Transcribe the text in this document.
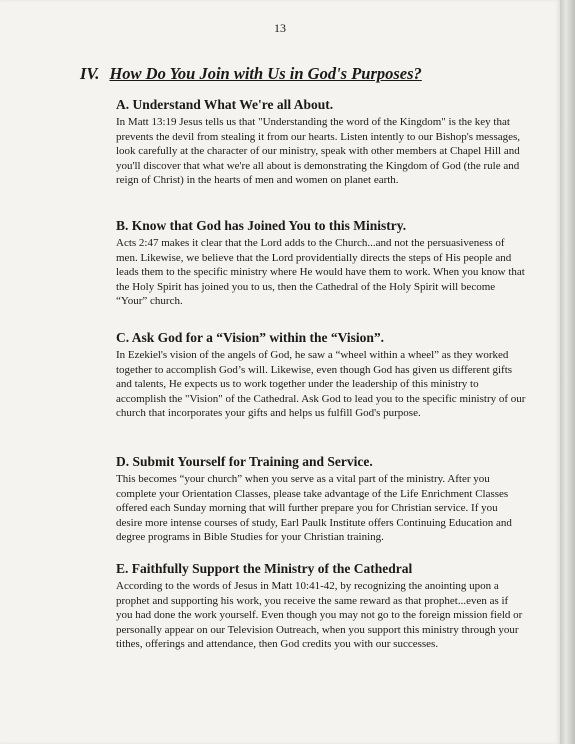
13
IV. How Do You Join with Us in God's Purposes?
A. Understand What We're all About.

In Matt 13:19 Jesus tells us that "Understanding the word of the Kingdom" is the key that prevents the devil from stealing it from our hearts. Listen intently to our Bishop's messages, look carefully at the character of our ministry, speak with other members at Chapel Hill and you'll discover that what we're all about is demonstrating the Kingdom of God (the rule and reign of Christ) in the hearts of men and women on planet earth.

B. Know that God has Joined You to this Ministry.

Acts 2:47 makes it clear that the Lord adds to the Church...and not the persuasiveness of men. Likewise, we believe that the Lord providentially directs the steps of His people and leads them to the specific ministry where He would have them to work. When you know that the Holy Spirit has joined you to us, then the Cathedral of the Holy Spirit will become “Your” church.

C. Ask God for a “Vision” within the “Vision”.

In Ezekiel's vision of the angels of God, he saw a “wheel within a wheel” as they worked together to accomplish God’s will. Likewise, even though God has given us different gifts and talents, He expects us to work together under the leadership of this ministry to accomplish the "Vision" of the Cathedral. Ask God to lead you to the specific ministry of our church that incorporates your gifts and helps us fulfill God's purpose.

D. Submit Yourself for Training and Service.

This becomes “your church” when you serve as a vital part of the ministry. After you complete your Orientation Classes, please take advantage of the Life Enrichment Classes offered each Sunday morning that will further prepare you for Christian service. If you desire more intense courses of study, Earl Paulk Institute offers Continuing Education and degree programs in Bible Studies for your Christian training.

E. Faithfully Support the Ministry of the Cathedral

According to the words of Jesus in Matt 10:41-42, by recognizing the anointing upon a prophet and supporting his work, you receive the same reward as that prophet...even as if you had done the work yourself. Even though you may not go to the foreign mission field or personally appear on our Television Outreach, when you support this ministry through your tithes, offerings and attendance, then God credits you with our successes.
